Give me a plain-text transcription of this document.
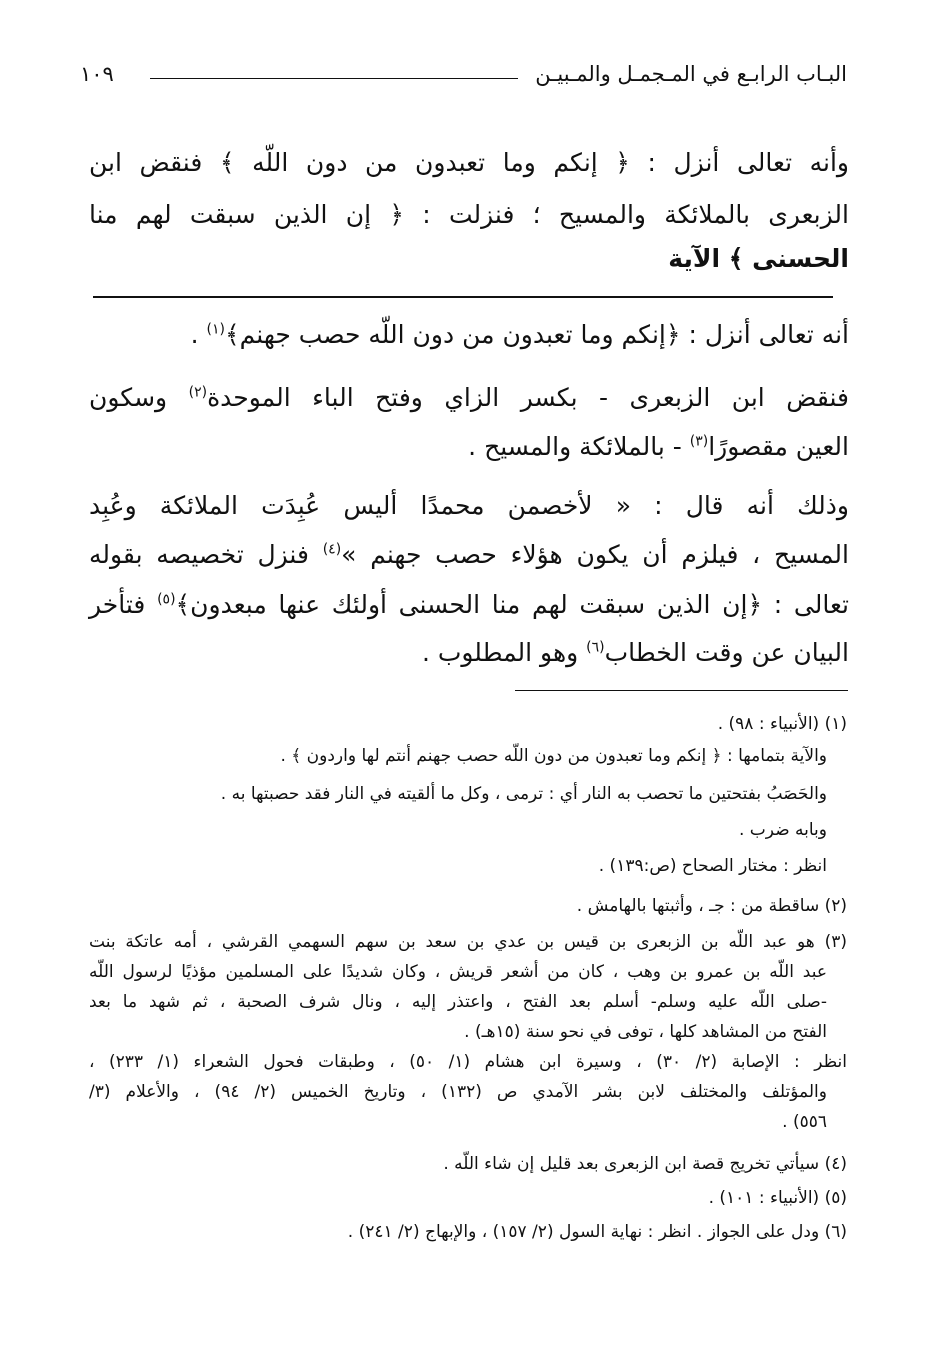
البـاب الرابـع في المـجمـل والمـبيـن
١٠٩
وأنه تعالى أنزل : ﴿ إنكم وما تعبدون من دون اللّه ﴾ فنقض ابن
الزبعرى بالملائكة والمسيح ؛ فنزلت : ﴿ إن الذين سبقت لهم منا
الحسنى ﴾ الآية
أنه تعالى أنزل : ﴿إنكم وما تعبدون من دون اللّه حصب جهنم﴾$^{(١)}$ .
فنقض ابن الزبعرى - بكسر الزاي وفتح الباء الموحدة$^{(٢)}$ وسكون
العين مقصورًا$^{(٣)}$ - بالملائكة والمسيح .
وذلك أنه قال : « لأخصمن محمدًا أليس عُبِدَت الملائكة وعُبِد
المسيح ، فيلزم أن يكون هؤلاء حصب جهنم »$^{(٤)}$ فنزل تخصيصه بقوله
تعالى : ﴿إن الذين سبقت لهم منا الحسنى أولئك عنها مبعدون﴾$^{(٥)}$ فتأخر
البيان عن وقت الخطاب$^{(٦)}$ وهو المطلوب .
(١) (الأنبياء : ٩٨) .
والآية بتمامها : ﴿ إنكم وما تعبدون من دون اللّه حصب جهنم أنتم لها واردون ﴾ .
والحَصَبُ بفتحتين ما تحصب به النار أي : ترمى ، وكل ما ألقيته في النار فقد حصبتها به .
وبابه ضرب .
انظر : مختار الصحاح (ص:١٣٩) .
(٢) ساقطة من : جـ ، وأثبتها بالهامش .
(٣) هو عبد اللّه بن الزبعرى بن قيس بن عدي بن سعد بن سهم السهمي القرشي ، أمه عاتكة بنت
عبد اللّه بن عمرو بن وهب ، كان من أشعر قريش ، وكان شديدًا على المسلمين مؤذيًا لرسول اللّه
-صلى اللّه عليه وسلم- أسلم بعد الفتح ، واعتذر إليه ، ونال شرف الصحبة ، ثم شهد ما بعد
الفتح من المشاهد كلها ، توفى في نحو سنة (١٥هـ) .
انظر : الإصابة (٢/ ٣٠) ، وسيرة ابن هشام (١/ ٥٠) ، وطبقات فحول الشعراء (١/ ٢٣٣) ،
والمؤتلف والمختلف لابن بشر الآمدي ص (١٣٢) ، وتاريخ الخميس (٢/ ٩٤) ، والأعلام (٣/
٥٥٦) .
(٤) سيأتي تخريج قصة ابن الزبعرى بعد قليل إن شاء اللّه .
(٥) (الأنبياء : ١٠١) .
(٦) ودل على الجواز . انظر : نهاية السول (٢/ ١٥٧) ، والإبهاج (٢/ ٢٤١) .
